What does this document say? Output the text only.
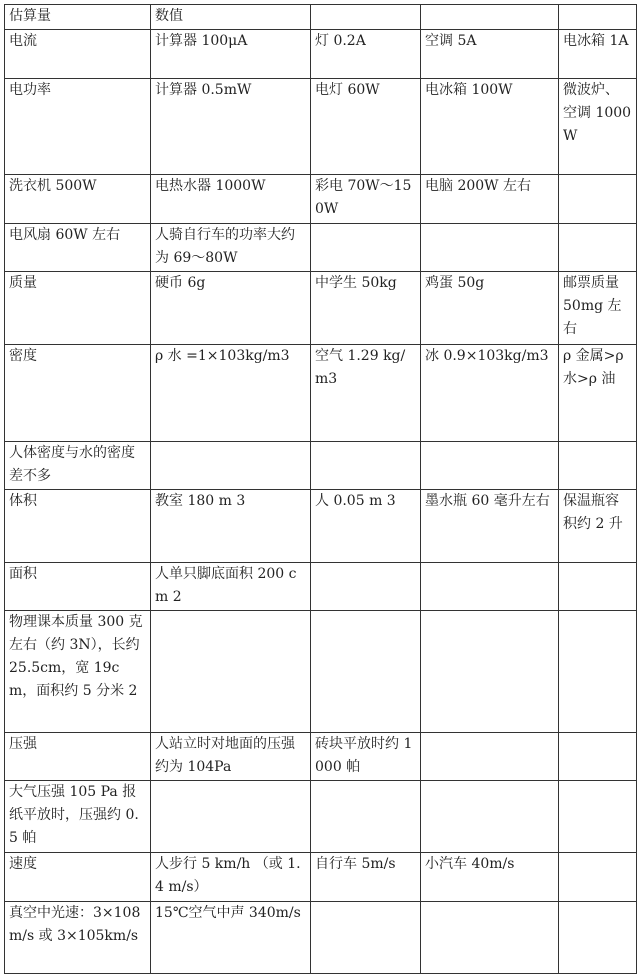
估算量	数值			
电流	计算器 100μA	灯 0.2A	空调 5A	电冰箱 1A
电功率	计算器 0.5mW	电灯 60W	电冰箱 100W	微波炉、空调 1000W
洗衣机 500W	电热水器 1000W	彩电 70W～150W	电脑 200W 左右	
电风扇 60W 左右	人骑自行车的功率大约为 69～80W			
质量	硬币 6g	中学生 50kg	鸡蛋 50g	邮票质量 50mg 左右
密度	ρ 水 =1×103kg/m3	空气 1.29 kg/m3	冰 0.9×103kg/m3	ρ 金属>ρ 水>ρ 油
人体密度与水的密度差不多				
体积	教室 180 m 3	人 0.05 m 3	墨水瓶 60 毫升左右	保温瓶容积约 2 升
面积	人单只脚底面积 200 cm 2			
物理课本质量 300 克左右（约 3N），长约 25.5cm，宽 19cm，面积约 5 分米 2				
压强	人站立时对地面的压强约为 104Pa	砖块平放时约 1000 帕		
大气压强 105 Pa 报纸平放时，压强约 0.5 帕				
速度	人步行 5 km/h （或 1.4 m/s）	自行车 5m/s	小汽车 40m/s	
真空中光速：3×108 m/s 或 3×105km/s	15℃空气中声 340m/s			
